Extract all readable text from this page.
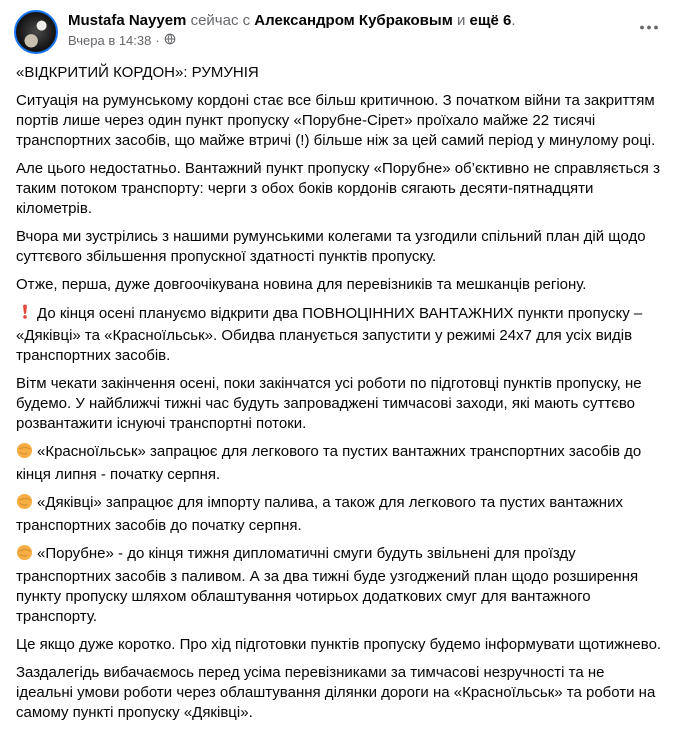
Mustafa Nayyem сейчас с Александром Кубраковым и ещё 6.
Вчера в 14:38 ·

«ВІДКРИТИЙ КОРДОН»: РУМУНІЯ

Ситуація на румунському кордоні стає все більш критичною. З початком війни та закриттям портів лише через один пункт пропуску «Порубне-Сірет» проїхало майже 22 тисячі транспортних засобів, що майже втричі (!) більше ніж за цей самий період у минулому році.

Але цього недостатньо. Вантажний пункт пропуску «Порубне» об’єктивно не справляється з таким потоком транспорту: черги з обох боків кордонів сягають десяти-пятнадцяти кілометрів.

Вчора ми зустрілись з нашими румунськими колегами та узгодили спільний план дій щодо суттєвого збільшення пропускної здатності пунктів пропуску.

Отже, перша, дуже довгоочікувана новина для перевізників та мешканців регіону.

До кінця осені плануємо відкрити два ПОВНОЦІННИХ ВАНТАЖНИХ пункти пропуску – «Дяківці» та «Красноїльськ». Обидва планується запустити у режимі 24х7 для усіх видів транспортних засобів.

Вітм чекати закінчення осені, поки закінчатся усі роботи по підготовці пунктів пропуску, не будемо. У найближчі тижні час будуть запроваджені тимчасові заходи, які мають суттєво розвантажити існуючі транспортні потоки.

«Красноїльськ» запрацює для легкового та пустих вантажних транспортних засобів до кінця липня - початку серпня.

«Дяківці» запрацює для імпорту палива, а також для легкового та пустих вантажних транспортних засобів до початку серпня.

«Порубне» - до кінця тижня дипломатичні смуги будуть звільнені для проїзду транспортних засобів з паливом. А за два тижні буде узгоджений план щодо розширення пункту пропуску шляхом облаштування чотирьох додаткових смуг для вантажного транспорту.

Це якщо дуже коротко. Про хід підготовки пунктів пропуску будемо інформувати щотижнево.

Заздалегідь вибачаємось перед усіма перевізниками за тимчасові незручності та не ідеальні умови роботи через облаштування ділянки дороги на «Красноїльськ» та роботи на самому пункті пропуску «Дяківці».
